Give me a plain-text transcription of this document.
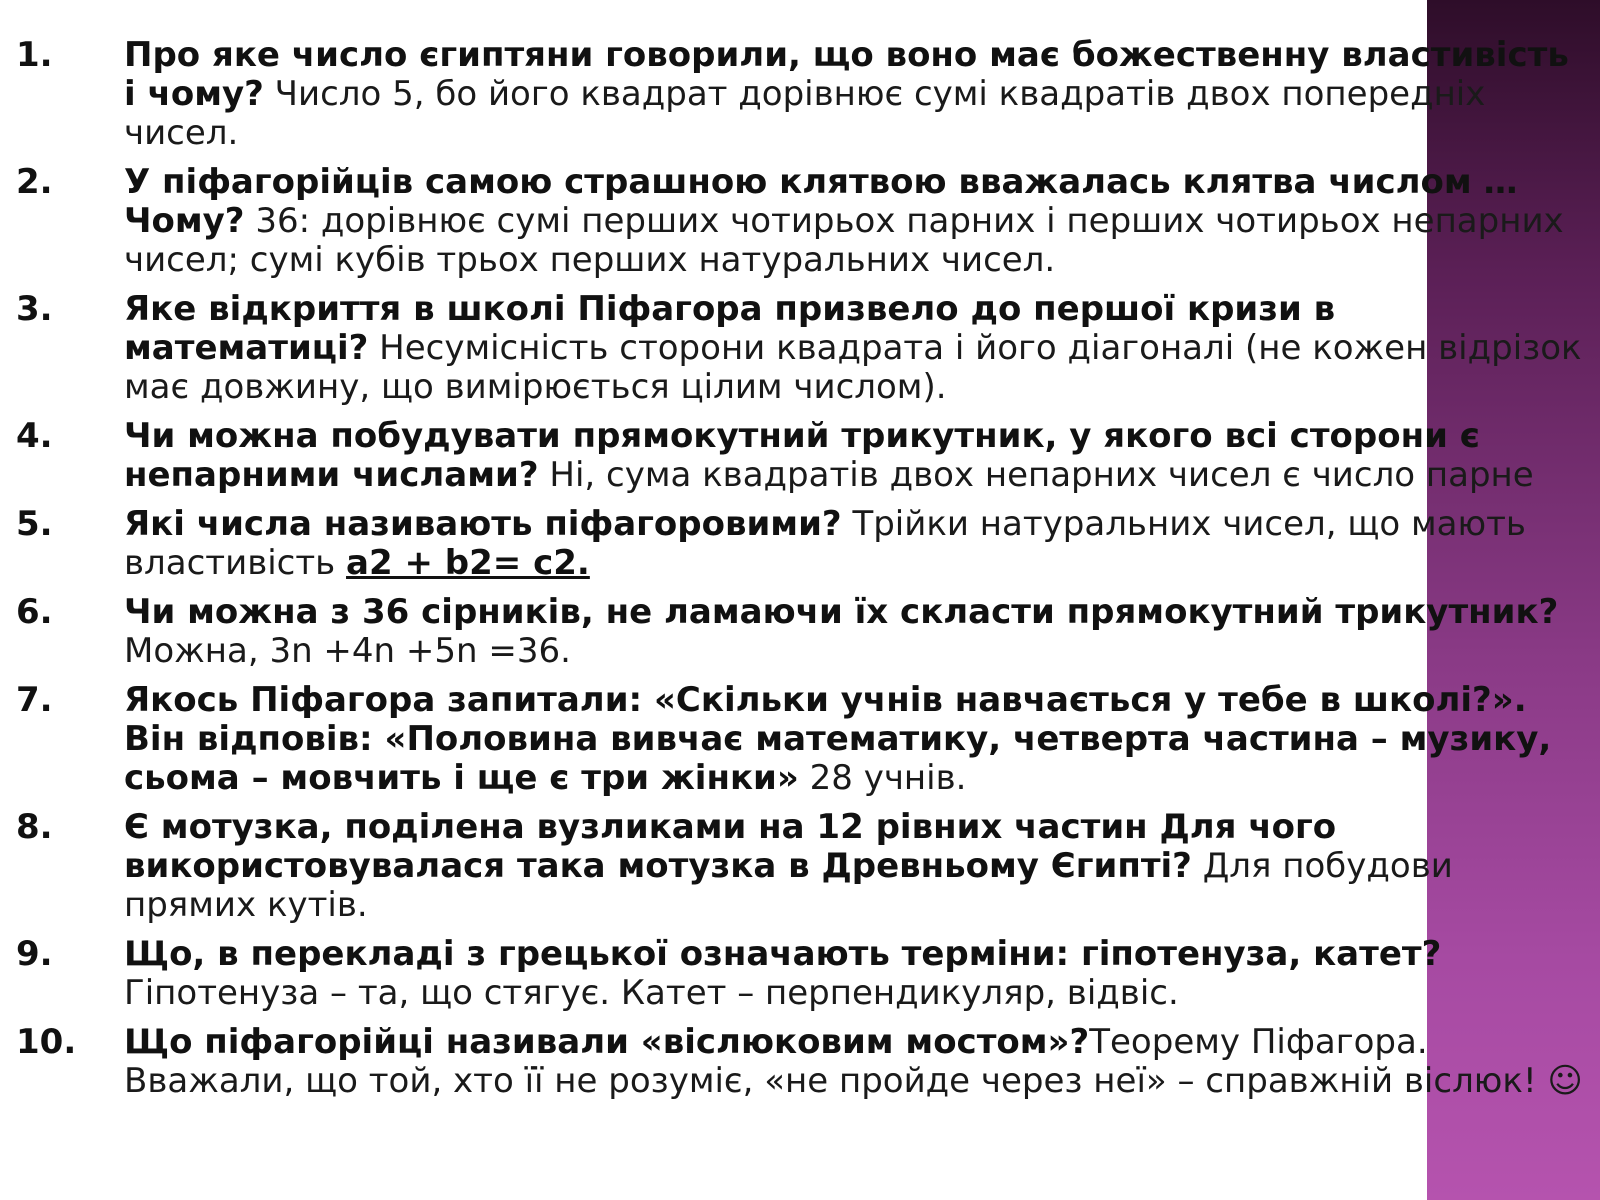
1. Про яке число єгиптяни говорили, що воно має божественну властивість і чому? Число 5, бо його квадрат дорівнює сумі квадратів двох попередніх чисел.
2. У піфагорійців самою страшною клятвою вважалась клятва числом … Чому? 36: дорівнює сумі перших чотирьох парних і перших чотирьох непарних чисел; сумі кубів трьох перших натуральних чисел.
3. Яке відкриття в школі Піфагора призвело до першої кризи в математиці? Несумісність сторони квадрата і його діагоналі (не кожен відрізок має довжину, що вимірюється цілим числом).
4. Чи можна побудувати прямокутний трикутник, у якого всі сторони є непарними числами? Ні, сума квадратів двох непарних чисел є число парне
5. Які числа називають піфагоровими? Трійки натуральних чисел, що мають властивість a2 + b2= c2.
6. Чи можна з 36 сірників, не ламаючи їх скласти прямокутний трикутник? Можна, 3n +4n +5n =36.
7. Якось Піфагора запитали: «Скільки учнів навчається у тебе в школі?». Він відповів: «Половина вивчає математику, четверта частина – музику, сьома – мовчить і ще є три жінки» 28 учнів.
8. Є мотузка, поділена вузликами на 12 рівних частин Для чого використовувалася така мотузка в Древньому Єгипті? Для побудови прямих кутів.
9. Що, в перекладі з грецької означають терміни: гіпотенуза, катет? Гіпотенуза – та, що стягує. Катет – перпендикуляр, відвіс.
10. Що піфагорійці називали «віслюковим мостом»?Теорему Піфагора. Вважали, що той, хто її не розуміє, «не пройде через неї» – справжній віслюк! ☺
